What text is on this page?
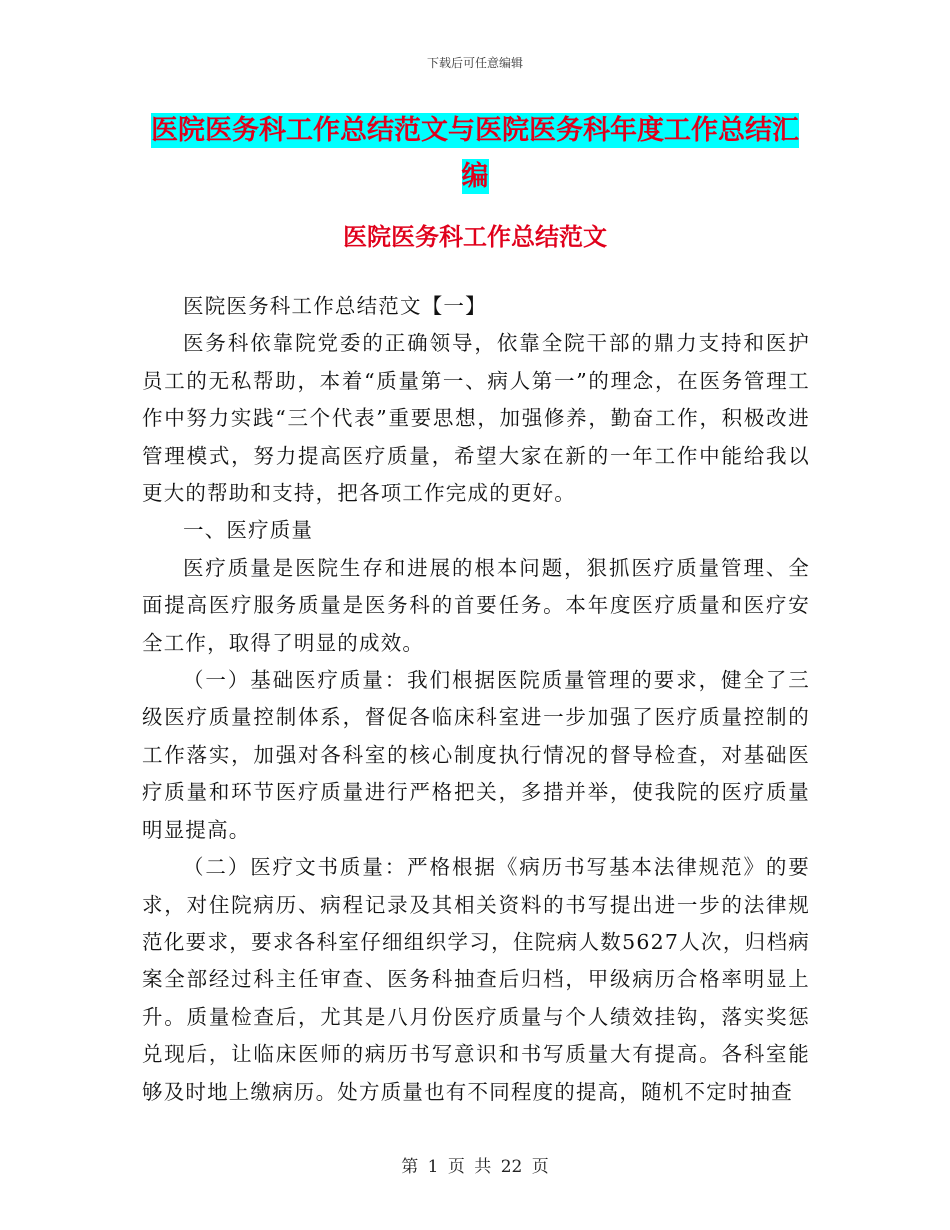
下载后可任意编辑
医院医务科工作总结范文与医院医务科年度工作总结汇编
医院医务科工作总结范文

医院医务科工作总结范文【一】

医务科依靠院党委的正确领导，依靠全院干部的鼎力支持和医护员工的无私帮助，本着“质量第一、病人第一”的理念，在医务管理工作中努力实践“三个代表”重要思想，加强修养，勤奋工作，积极改进管理模式，努力提高医疗质量，希望大家在新的一年工作中能给我以更大的帮助和支持，把各项工作完成的更好。

一、医疗质量

医疗质量是医院生存和进展的根本问题，狠抓医疗质量管理、全面提高医疗服务质量是医务科的首要任务。本年度医疗质量和医疗安全工作，取得了明显的成效。

（一）基础医疗质量：我们根据医院质量管理的要求，健全了三级医疗质量控制体系，督促各临床科室进一步加强了医疗质量控制的工作落实，加强对各科室的核心制度执行情况的督导检查，对基础医疗质量和环节医疗质量进行严格把关，多措并举，使我院的医疗质量明显提高。

（二）医疗文书质量：严格根据《病历书写基本法律规范》的要求，对住院病历、病程记录及其相关资料的书写提出进一步的法律规范化要求，要求各科室仔细组织学习，住院病人数5627人次，归档病案全部经过科主任审查、医务科抽查后归档，甲级病历合格率明显上升。质量检查后，尤其是八月份医疗质量与个人绩效挂钩，落实奖惩兑现后，让临床医师的病历书写意识和书写质量大有提高。各科室能够及时地上缴病历。处方质量也有不同程度的提高，随机不定时抽查

第 1 页 共 22 页
